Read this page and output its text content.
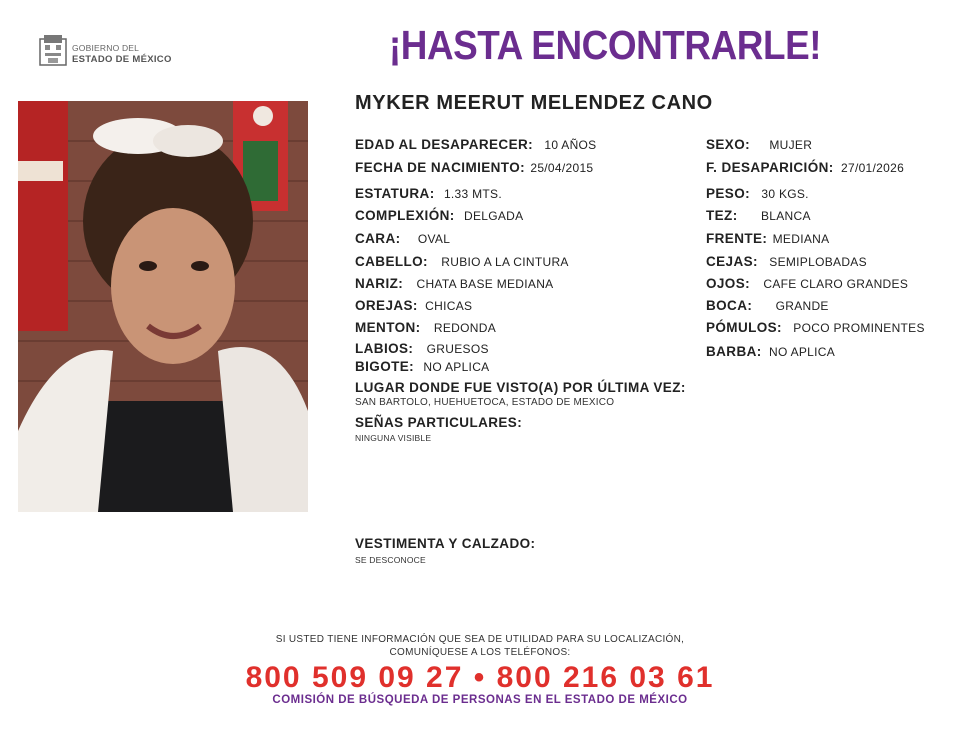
GOBIERNO DEL
ESTADO DE MÉXICO	¡HASTA ENCONTRARLE!
MYKER MEERUT MELENDEZ CANO
EDAD AL DESAPARECER: 10 AÑOS
FECHA DE NACIMIENTO: 25/04/2015
ESTATURA: 1.33 MTS.
COMPLEXIÓN: DELGADA
CARA: OVAL
CABELLO: RUBIO A LA CINTURA
NARIZ: CHATA BASE MEDIANA
OREJAS: CHICAS
MENTON: REDONDA
LABIOS: GRUESOS
BIGOTE: NO APLICA
SEXO: MUJER
F. DESAPARICIÓN: 27/01/2026
PESO: 30 KGS.
TEZ: BLANCA
FRENTE: MEDIANA
CEJAS: SEMIPLOBADAS
OJOS: CAFE CLARO GRANDES
BOCA: GRANDE
PÓMULOS: POCO PROMINENTES
BARBA: NO APLICA
LUGAR DONDE FUE VISTO(A) POR ÚLTIMA VEZ:
SAN BARTOLO, HUEHUETOCA, ESTADO DE MEXICO
SEÑAS PARTICULARES:
NINGUNA VISIBLE
VESTIMENTA Y CALZADO:
SE DESCONOCE
SI USTED TIENE INFORMACIÓN QUE SEA DE UTILIDAD PARA SU LOCALIZACIÓN,
COMUNÍQUESE A LOS TELÉFONOS:
800 509 09 27 • 800 216 03 61
COMISIÓN DE BÚSQUEDA DE PERSONAS EN EL ESTADO DE MÉXICO
